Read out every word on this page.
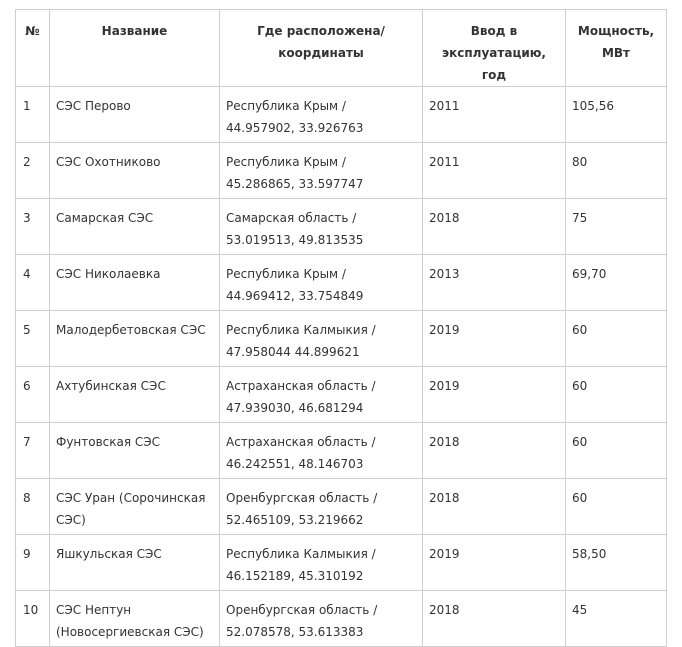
№	Название	Где расположена/ координаты	Ввод в эксплуатацию, год	Мощность, МВт
1	СЭС Перово	Республика Крым / 44.957902, 33.926763	2011	105,56
2	СЭС Охотниково	Республика Крым / 45.286865, 33.597747	2011	80
3	Самарская СЭС	Самарская область / 53.019513, 49.813535	2018	75
4	СЭС Николаевка	Республика Крым / 44.969412, 33.754849	2013	69,70
5	Малодербетовская СЭС	Республика Калмыкия / 47.958044 44.899621	2019	60
6	Ахтубинская СЭС	Астраханская область / 47.939030, 46.681294	2019	60
7	Фунтовская СЭС	Астраханская область / 46.242551, 48.146703	2018	60
8	СЭС Уран (Сорочинская СЭС)	Оренбургская область / 52.465109, 53.219662	2018	60
9	Яшкульская СЭС	Республика Калмыкия / 46.152189, 45.310192	2019	58,50
10	СЭС Нептун (Новосергиевская СЭС)	Оренбургская область / 52.078578, 53.613383	2018	45
